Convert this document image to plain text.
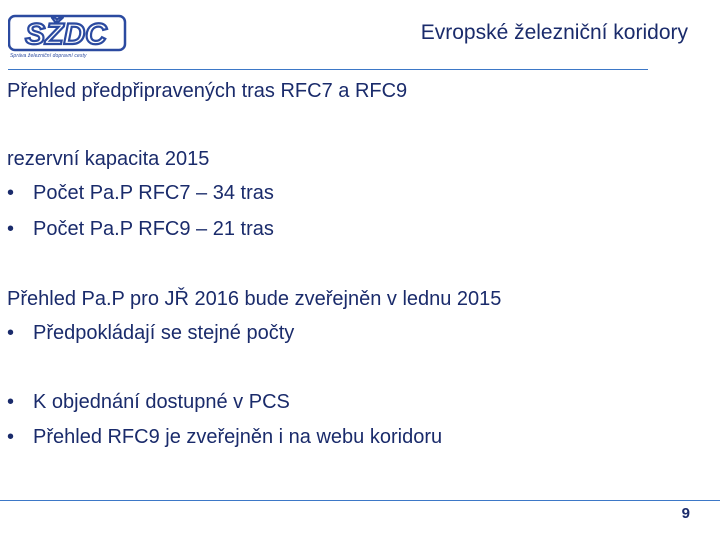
SŽDC
Správa železniční dopravní cesty
Evropské železniční koridory
Přehled předpřipravených tras RFC7 a RFC9
rezervní kapacita 2015
• Počet Pa.P RFC7 – 34 tras
• Počet Pa.P RFC9 – 21 tras
Přehled Pa.P pro JŘ 2016 bude zveřejněn v lednu 2015
• Předpokládají se stejné počty
• K objednání dostupné v PCS
• Přehled RFC9 je zveřejněn i na webu koridoru
9
